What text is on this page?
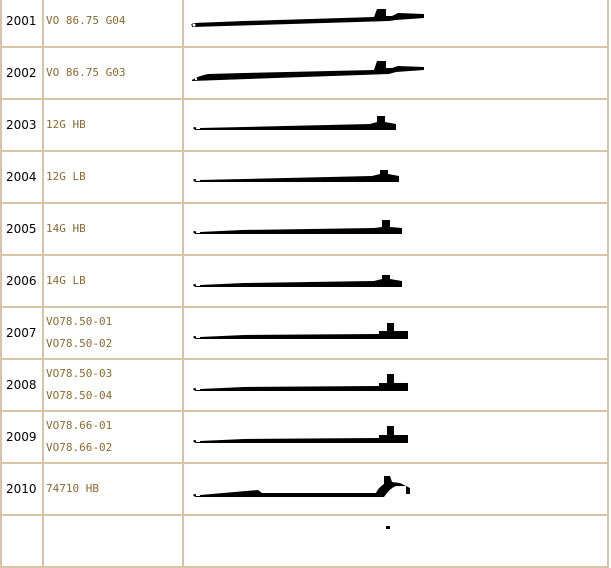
2001	VO 86.75 G04

2002	VO 86.75 G03

2003	12G HB

2004	12G LB

2005	14G HB

2006	14G LB

2007	VO78.50-01
VO78.50-02

2008	VO78.50-03
VO78.50-04

2009	VO78.66-01
VO78.66-02

2010	74710 HB
